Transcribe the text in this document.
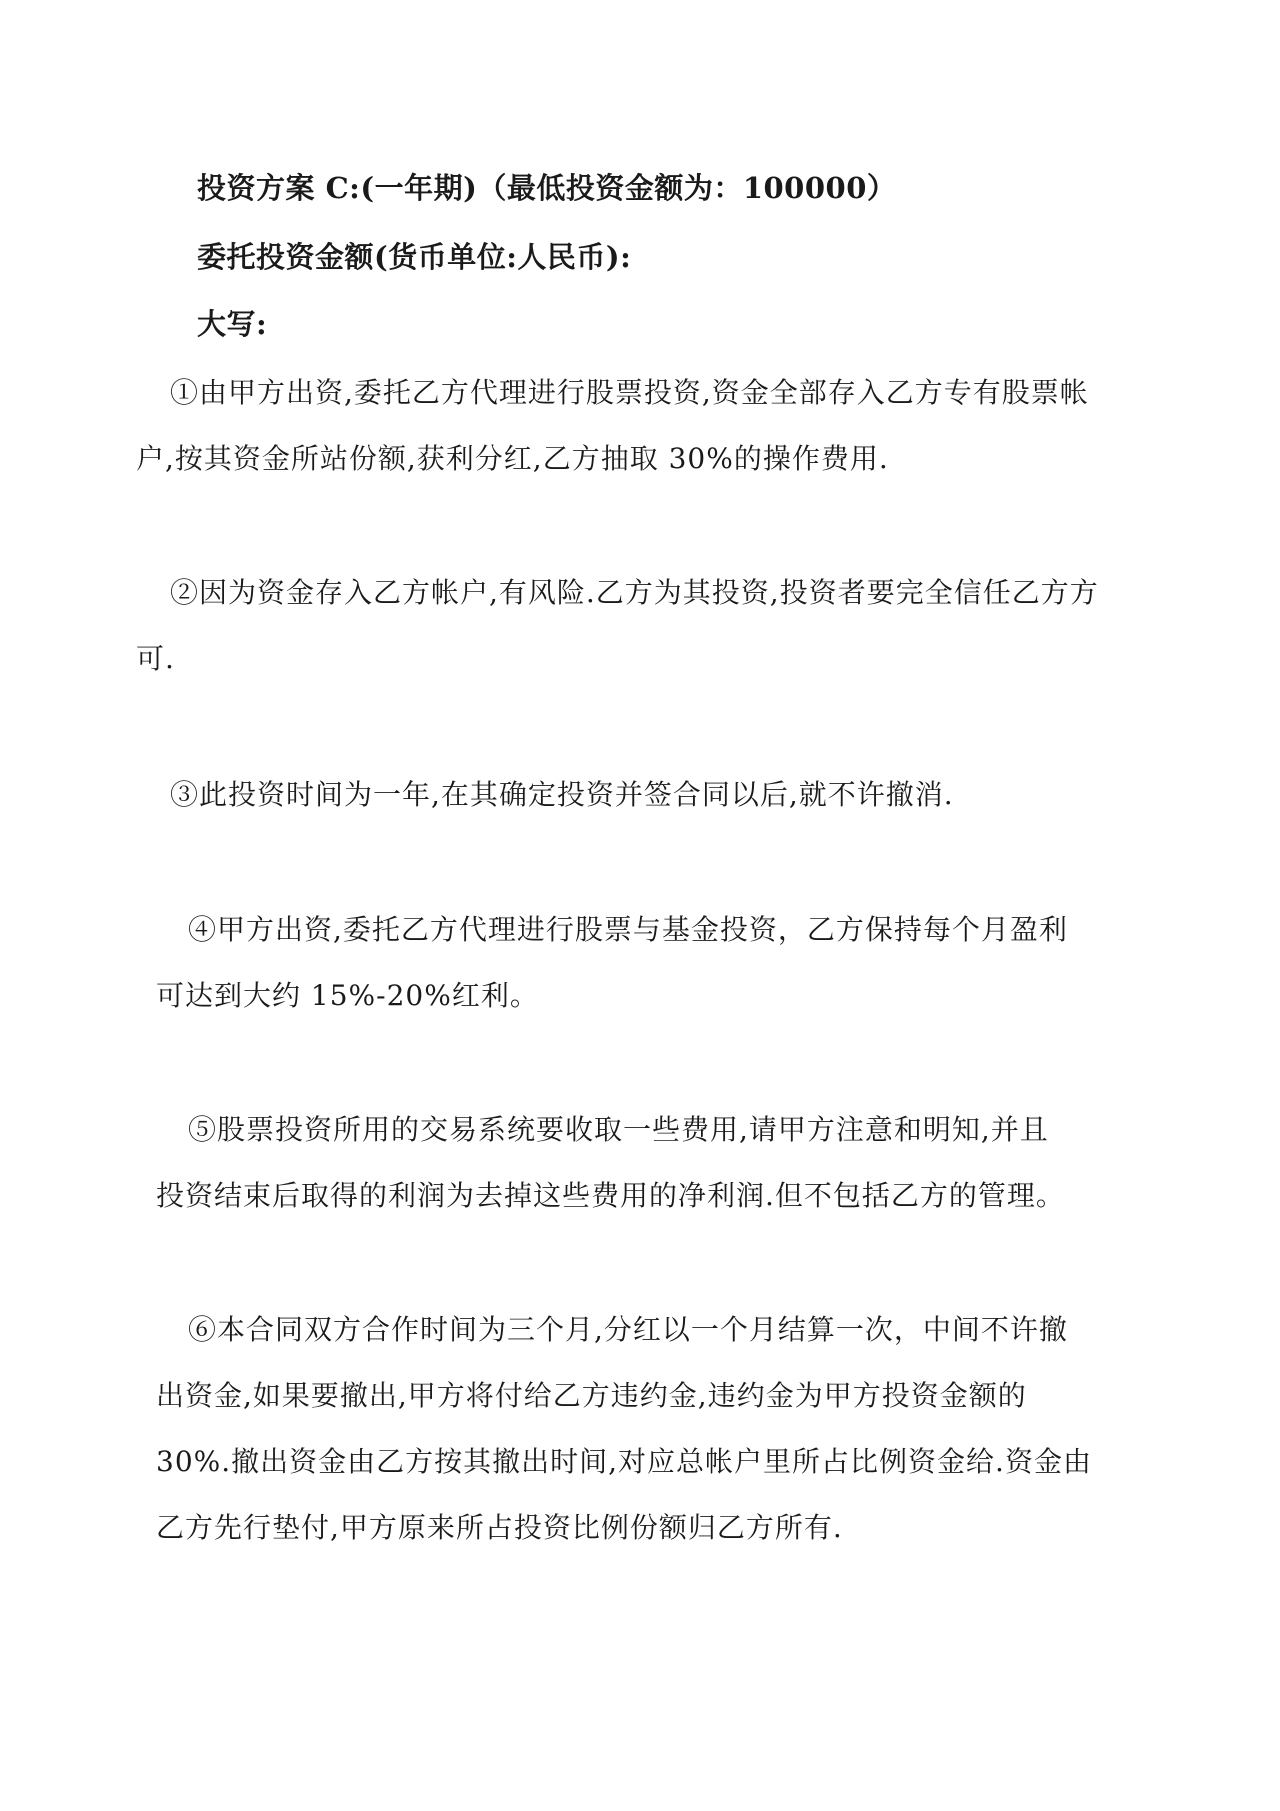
投资方案 C:(一年期)（最低投资金额为：100000）
委托投资金额(货币单位:人民币):
大写:

①由甲方出资,委托乙方代理进行股票投资,资金全部存入乙方专有股票帐
户,按其资金所站份额,获利分红,乙方抽取 30%的操作费用.

②因为资金存入乙方帐户,有风险.乙方为其投资,投资者要完全信任乙方方
可.

③此投资时间为一年,在其确定投资并签合同以后,就不许撤消.

④甲方出资,委托乙方代理进行股票与基金投资，乙方保持每个月盈利
可达到大约 15%-20%红利。

⑤股票投资所用的交易系统要收取一些费用,请甲方注意和明知,并且
投资结束后取得的利润为去掉这些费用的净利润.但不包括乙方的管理。

⑥本合同双方合作时间为三个月,分红以一个月结算一次，中间不许撤
出资金,如果要撤出,甲方将付给乙方违约金,违约金为甲方投资金额的
30%.撤出资金由乙方按其撤出时间,对应总帐户里所占比例资金给.资金由
乙方先行垫付,甲方原来所占投资比例份额归乙方所有.
